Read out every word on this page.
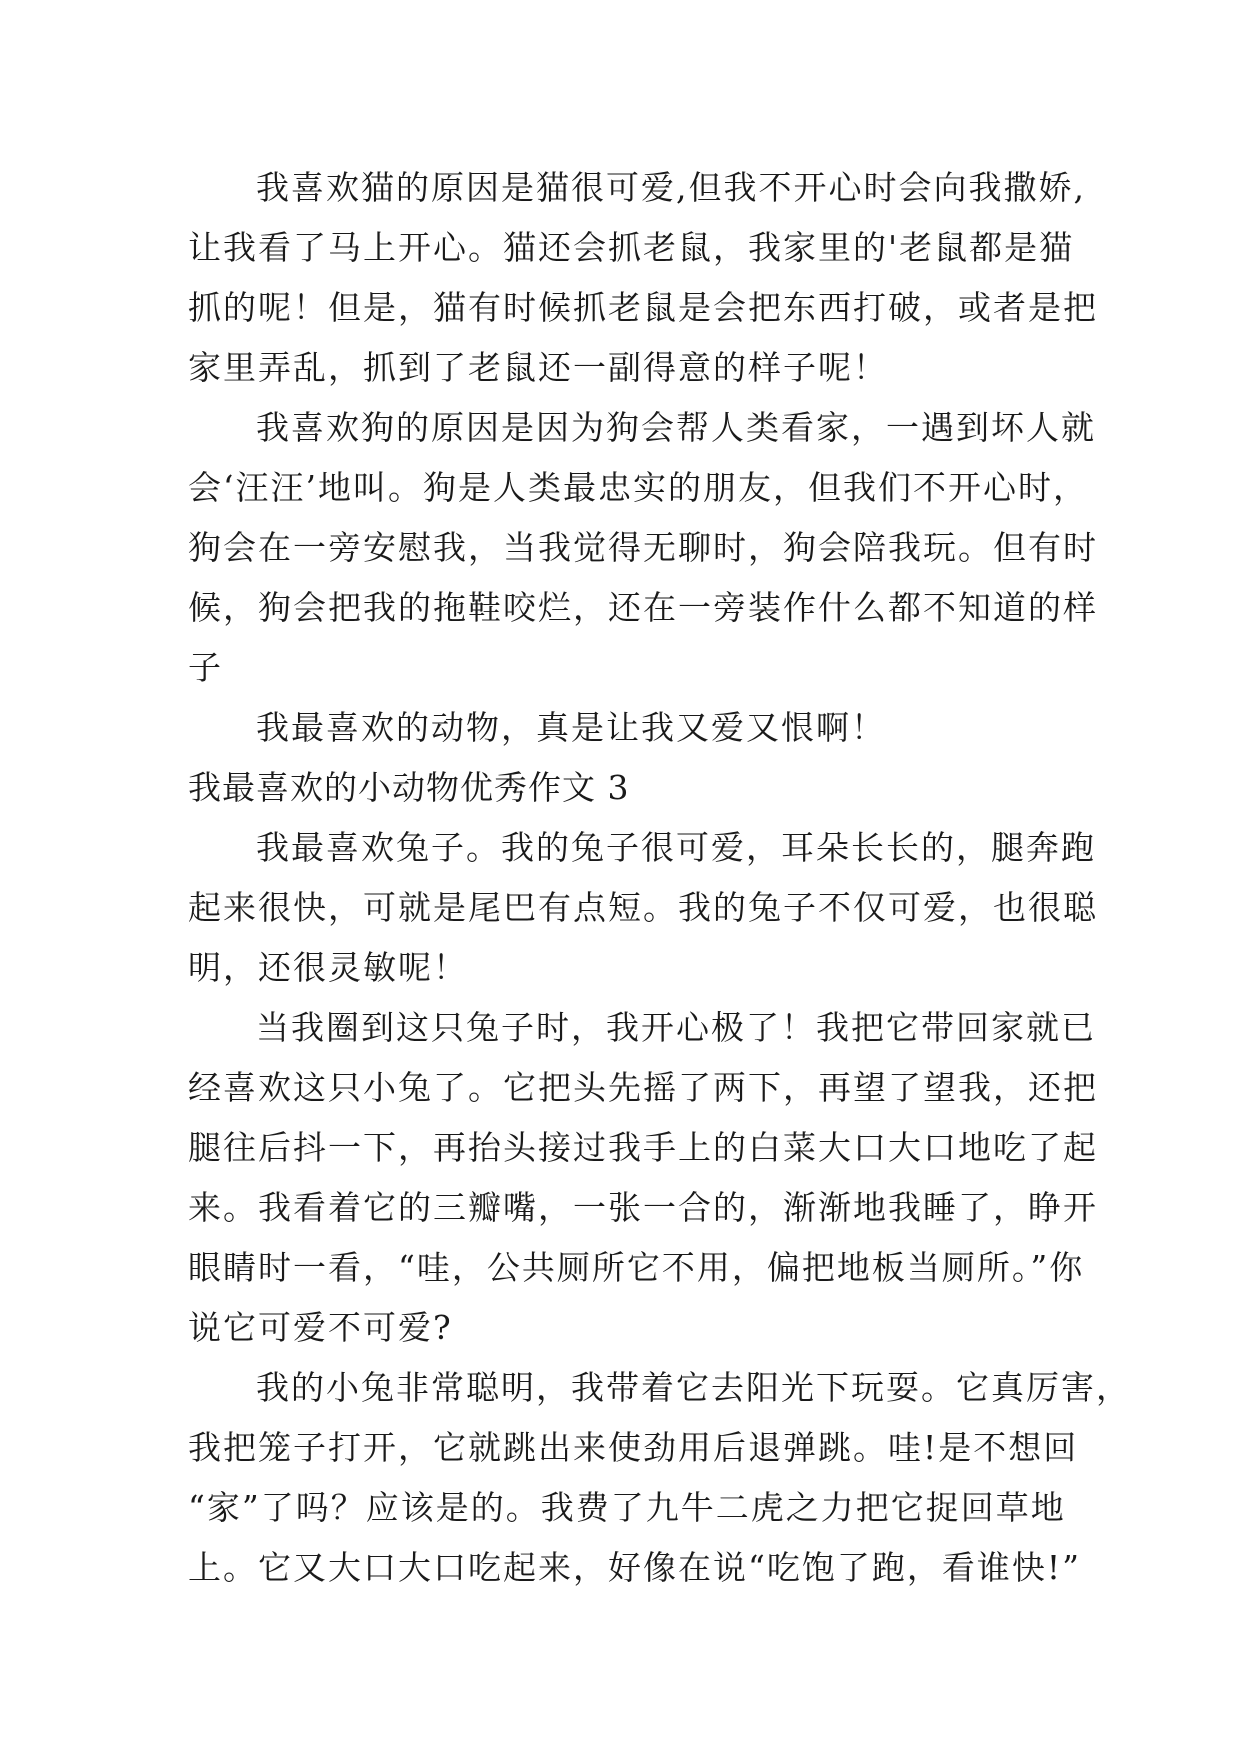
我喜欢猫的原因是猫很可爱,但我不开心时会向我撒娇,
让我看了马上开心。猫还会抓老鼠，我家里的'老鼠都是猫
抓的呢！但是，猫有时候抓老鼠是会把东西打破，或者是把
家里弄乱，抓到了老鼠还一副得意的样子呢！
我喜欢狗的原因是因为狗会帮人类看家，一遇到坏人就
会‘汪汪’地叫。狗是人类最忠实的朋友，但我们不开心时，
狗会在一旁安慰我，当我觉得无聊时，狗会陪我玩。但有时
候，狗会把我的拖鞋咬烂，还在一旁装作什么都不知道的样
子
我最喜欢的动物，真是让我又爱又恨啊！
我最喜欢的小动物优秀作文 3
我最喜欢兔子。我的兔子很可爱，耳朵长长的，腿奔跑
起来很快，可就是尾巴有点短。我的兔子不仅可爱，也很聪
明，还很灵敏呢！
当我圈到这只兔子时，我开心极了！我把它带回家就已
经喜欢这只小兔了。它把头先摇了两下，再望了望我，还把
腿往后抖一下，再抬头接过我手上的白菜大口大口地吃了起
来。我看着它的三瓣嘴，一张一合的，渐渐地我睡了，睁开
眼睛时一看，“哇，公共厕所它不用，偏把地板当厕所。”你
说它可爱不可爱?
我的小兔非常聪明，我带着它去阳光下玩耍。它真厉害，
我把笼子打开，它就跳出来使劲用后退弹跳。哇!是不想回
“家”了吗？应该是的。我费了九牛二虎之力把它捉回草地
上。它又大口大口吃起来，好像在说“吃饱了跑，看谁快!”
